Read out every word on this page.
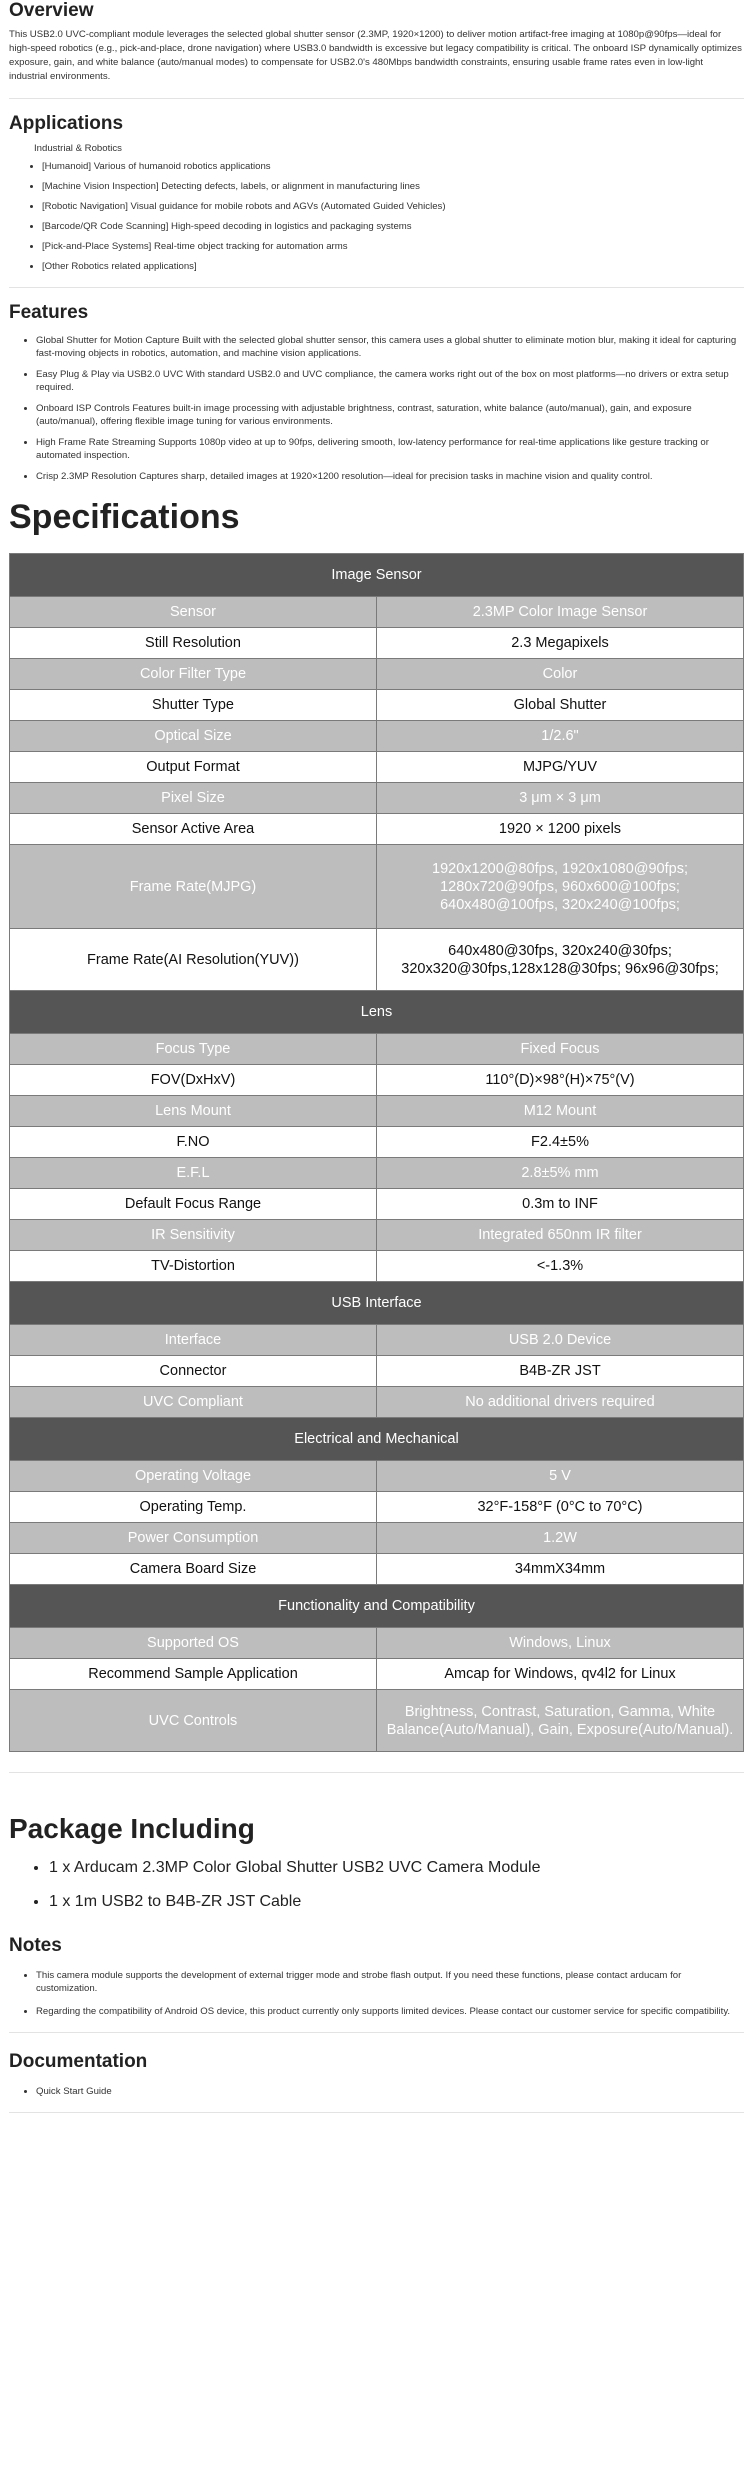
Overview

This USB2.0 UVC-compliant module leverages the selected global shutter sensor (2.3MP, 1920×1200) to deliver motion artifact-free imaging at 1080p@90fps—ideal for high-speed robotics (e.g., pick-and-place, drone navigation) where USB3.0 bandwidth is excessive but legacy compatibility is critical. The onboard ISP dynamically optimizes exposure, gain, and white balance (auto/manual modes) to compensate for USB2.0's 480Mbps bandwidth constraints, ensuring usable frame rates even in low-light industrial environments.

Applications
Industrial & Robotics
• [Humanoid] Various of humanoid robotics applications
• [Machine Vision Inspection] Detecting defects, labels, or alignment in manufacturing lines
• [Robotic Navigation] Visual guidance for mobile robots and AGVs (Automated Guided Vehicles)
• [Barcode/QR Code Scanning] High-speed decoding in logistics and packaging systems
• [Pick-and-Place Systems] Real-time object tracking for automation arms
• [Other Robotics related applications]
Features
• Global Shutter for Motion Capture Built with the selected global shutter sensor, this camera uses a global shutter to eliminate motion blur, making it ideal for capturing fast-moving objects in robotics, automation, and machine vision applications.
• Easy Plug & Play via USB2.0 UVC With standard USB2.0 and UVC compliance, the camera works right out of the box on most platforms—no drivers or extra setup required.
• Onboard ISP Controls Features built-in image processing with adjustable brightness, contrast, saturation, white balance (auto/manual), gain, and exposure (auto/manual), offering flexible image tuning for various environments.
• High Frame Rate Streaming Supports 1080p video at up to 90fps, delivering smooth, low-latency performance for real-time applications like gesture tracking or automated inspection.
• Crisp 2.3MP Resolution Captures sharp, detailed images at 1920×1200 resolution—ideal for precision tasks in machine vision and quality control.
Specifications
Image Sensor	
Sensor	2.3MP Color Image Sensor
Still Resolution	2.3 Megapixels
Color Filter Type	Color
Shutter Type	Global Shutter
Optical Size	1/2.6"
Output Format	MJPG/YUV
Pixel Size	3 μm × 3 μm
Sensor Active Area	1920 × 1200 pixels
Frame Rate(MJPG)	1920x1200@80fps, 1920x1080@90fps; 1280x720@90fps, 960x600@100fps; 640x480@100fps, 320x240@100fps;
Frame Rate(AI Resolution(YUV))	640x480@30fps, 320x240@30fps; 320x320@30fps,128x128@30fps; 96x96@30fps;
Lens	
Focus Type	Fixed Focus
FOV(DxHxV)	110°(D)×98°(H)×75°(V)
Lens Mount	M12 Mount
F.NO	F2.4±5%
E.F.L	2.8±5% mm
Default Focus Range	0.3m to INF
IR Sensitivity	Integrated 650nm IR filter
TV-Distortion	<-1.3%
USB Interface	
Interface	USB 2.0 Device
Connector	B4B-ZR JST
UVC Compliant	No additional drivers required
Electrical and Mechanical	
Operating Voltage	5 V
Operating Temp.	32°F-158°F (0°C to 70°C)
Power Consumption	1.2W
Camera Board Size	34mmX34mm
Functionality and Compatibility	
Supported OS	Windows, Linux
Recommend Sample Application	Amcap for Windows, qv4l2 for Linux
UVC Controls	Brightness, Contrast, Saturation, Gamma, White Balance(Auto/Manual), Gain, Exposure(Auto/Manual).
Package Including
• 1 x Arducam 2.3MP Color Global Shutter USB2 UVC Camera Module
• 1 x 1m USB2 to B4B-ZR JST Cable
Notes
• This camera module supports the development of external trigger mode and strobe flash output. If you need these functions, please contact arducam for customization.
• Regarding the compatibility of Android OS device, this product currently only supports limited devices. Please contact our customer service for specific compatibility.
Documentation
• Quick Start Guide
